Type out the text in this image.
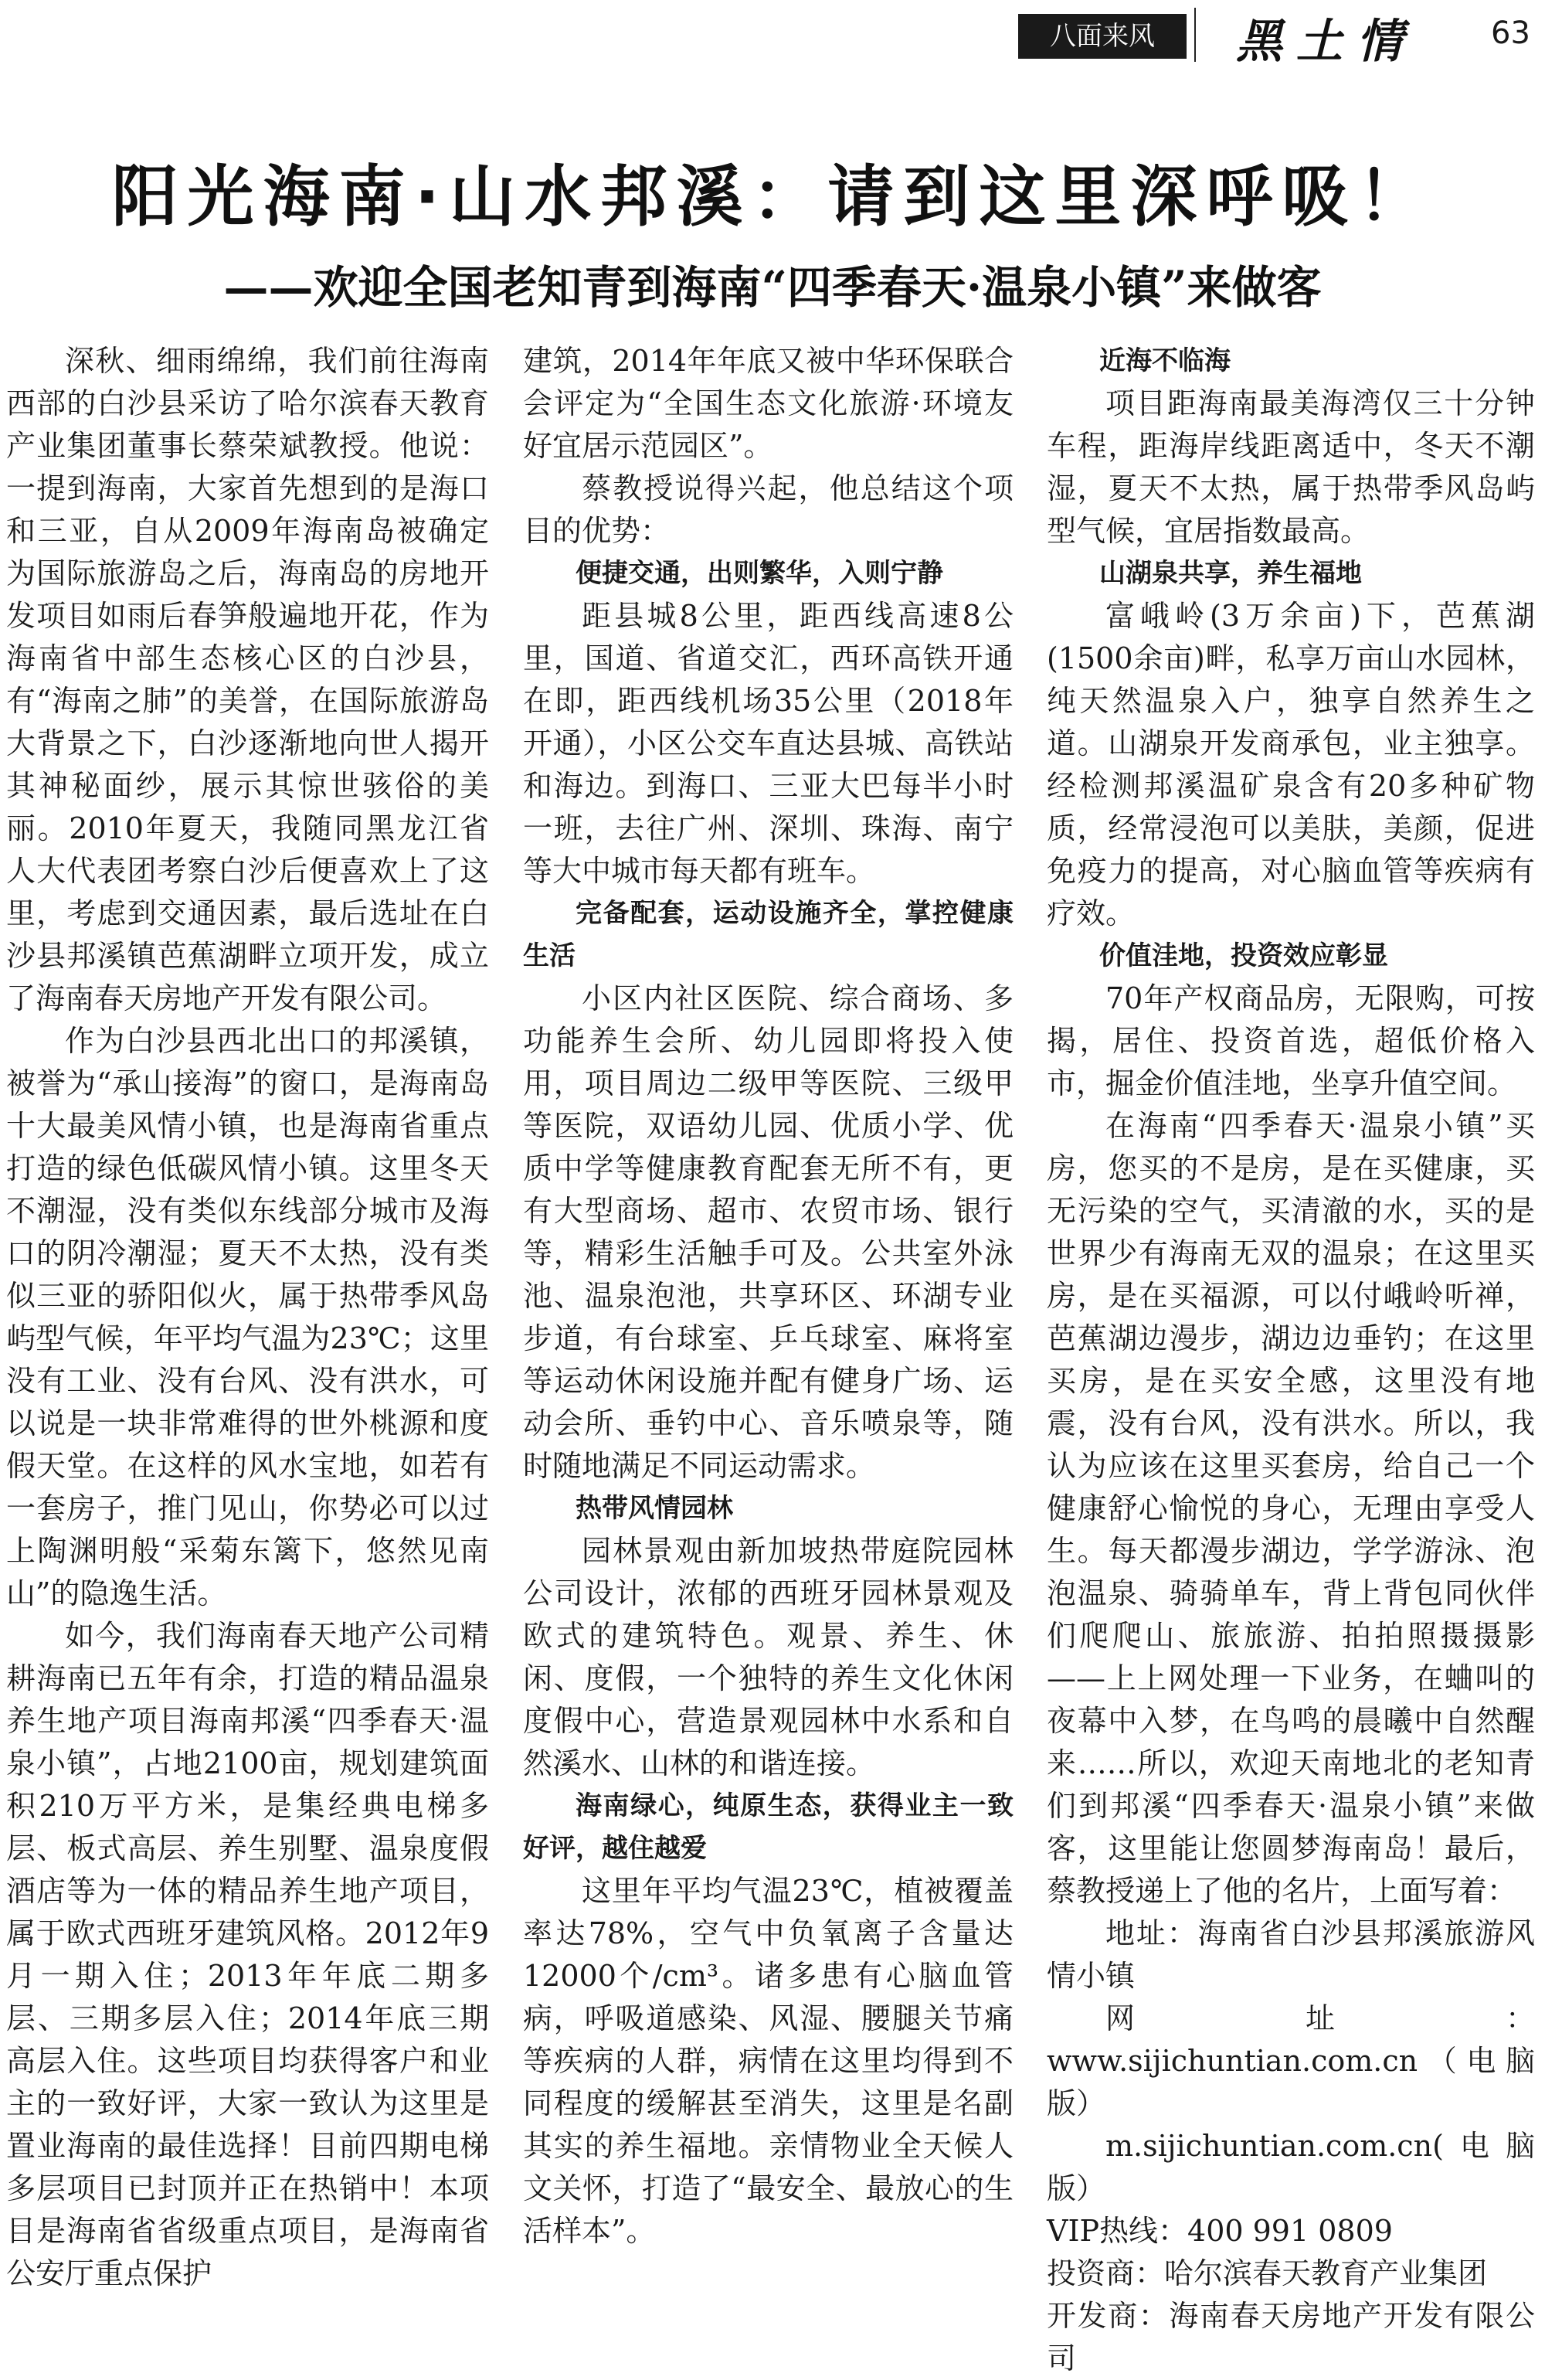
八面来风	黑土情 63
阳光海南·山水邦溪：请到这里深呼吸！
——欢迎全国老知青到海南“四季春天·温泉小镇”来做客

深秋、细雨绵绵，我们前往海南西部的白沙县采访了哈尔滨春天教育产业集团董事长蔡荣斌教授。他说：一提到海南，大家首先想到的是海口和三亚，自从2009年海南岛被确定为国际旅游岛之后，海南岛的房地开发项目如雨后春笋般遍地开花，作为海南省中部生态核心区的白沙县，有“海南之肺”的美誉，在国际旅游岛大背景之下，白沙逐渐地向世人揭开其神秘面纱，展示其惊世骇俗的美丽。2010年夏天，我随同黑龙江省人大代表团考察白沙后便喜欢上了这里，考虑到交通因素，最后选址在白沙县邦溪镇芭蕉湖畔立项开发，成立了海南春天房地产开发有限公司。

作为白沙县西北出口的邦溪镇，被誉为“承山接海”的窗口，是海南岛十大最美风情小镇，也是海南省重点打造的绿色低碳风情小镇。这里冬天不潮湿，没有类似东线部分城市及海口的阴冷潮湿；夏天不太热，没有类似三亚的骄阳似火，属于热带季风岛屿型气候，年平均气温为23℃；这里没有工业、没有台风、没有洪水，可以说是一块非常难得的世外桃源和度假天堂。在这样的风水宝地，如若有一套房子，推门见山，你势必可以过上陶渊明般“采菊东篱下，悠然见南山”的隐逸生活。

如今，我们海南春天地产公司精耕海南已五年有余，打造的精品温泉养生地产项目海南邦溪“四季春天·温泉小镇”，占地2100亩，规划建筑面积210万平方米，是集经典电梯多层、板式高层、养生别墅、温泉度假酒店等为一体的精品养生地产项目，属于欧式西班牙建筑风格。2012年9月一期入住；2013年年底二期多层、三期多层入住；2014年底三期高层入住。这些项目均获得客户和业主的一致好评，大家一致认为这里是置业海南的最佳选择！目前四期电梯多层项目已封顶并正在热销中！本项目是海南省省级重点项目，是海南省公安厅重点保护

建筑，2014年年底又被中华环保联合会评定为“全国生态文化旅游·环境友好宜居示范园区”。

蔡教授说得兴起，他总结这个项目的优势：

便捷交通，出则繁华，入则宁静

距县城8公里，距西线高速8公里，国道、省道交汇，西环高铁开通在即，距西线机场35公里（2018年开通），小区公交车直达县城、高铁站和海边。到海口、三亚大巴每半小时一班，去往广州、深圳、珠海、南宁等大中城市每天都有班车。

完备配套，运动设施齐全，掌控健康生活

小区内社区医院、综合商场、多功能养生会所、幼儿园即将投入使用，项目周边二级甲等医院、三级甲等医院，双语幼儿园、优质小学、优质中学等健康教育配套无所不有，更有大型商场、超市、农贸市场、银行等，精彩生活触手可及。公共室外泳池、温泉泡池，共享环区、环湖专业步道，有台球室、乒乓球室、麻将室等运动休闲设施并配有健身广场、运动会所、垂钓中心、音乐喷泉等，随时随地满足不同运动需求。

热带风情园林

园林景观由新加坡热带庭院园林公司设计，浓郁的西班牙园林景观及欧式的建筑特色。观景、养生、休闲、度假，一个独特的养生文化休闲度假中心，营造景观园林中水系和自然溪水、山林的和谐连接。

海南绿心，纯原生态，获得业主一致好评，越住越爱

这里年平均气温23℃，植被覆盖率达78%，空气中负氧离子含量达12000个/cm³。诸多患有心脑血管病，呼吸道感染、风湿、腰腿关节痛等疾病的人群，病情在这里均得到不同程度的缓解甚至消失，这里是名副其实的养生福地。亲情物业全天候人文关怀，打造了“最安全、最放心的生活样本”。

近海不临海

项目距海南最美海湾仅三十分钟车程，距海岸线距离适中，冬天不潮湿，夏天不太热，属于热带季风岛屿型气候，宜居指数最高。

山湖泉共享，养生福地

富峨岭(3万余亩)下，芭蕉湖(1500余亩)畔，私享万亩山水园林，纯天然温泉入户，独享自然养生之道。山湖泉开发商承包，业主独享。经检测邦溪温矿泉含有20多种矿物质，经常浸泡可以美肤，美颜，促进免疫力的提高，对心脑血管等疾病有疗效。

价值洼地，投资效应彰显

70年产权商品房，无限购，可按揭，居住、投资首选，超低价格入市，掘金价值洼地，坐享升值空间。

在海南“四季春天·温泉小镇”买房，您买的不是房，是在买健康，买无污染的空气，买清澈的水，买的是世界少有海南无双的温泉；在这里买房，是在买福源，可以付峨岭听禅，芭蕉湖边漫步，湖边边垂钓；在这里买房，是在买安全感，这里没有地震，没有台风，没有洪水。所以，我认为应该在这里买套房，给自己一个健康舒心愉悦的身心，无理由享受人生。每天都漫步湖边，学学游泳、泡泡温泉、骑骑单车，背上背包同伙伴们爬爬山、旅旅游、拍拍照摄摄影——上上网处理一下业务，在蛐叫的夜幕中入梦，在鸟鸣的晨曦中自然醒来……所以，欢迎天南地北的老知青们到邦溪“四季春天·温泉小镇”来做客，这里能让您圆梦海南岛！最后，蔡教授递上了他的名片，上面写着：

地址：海南省白沙县邦溪旅游风情小镇

网址：www.sijichuntian.com.cn（电脑版）

m.sijichuntian.com.cn(电脑版）

VIP热线：400 991 0809

投资商：哈尔滨春天教育产业集团

开发商：海南春天房地产开发有限公司
